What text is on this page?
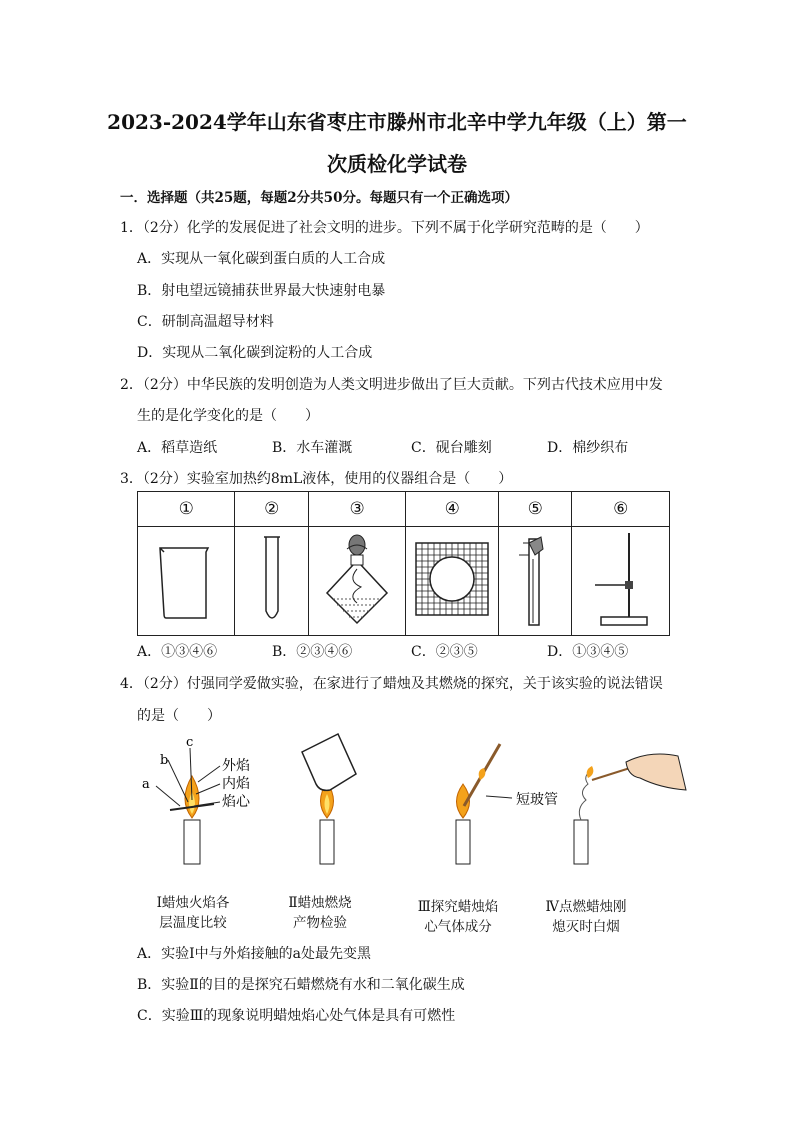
2023-2024学年山东省枣庄市滕州市北辛中学九年级（上）第一
次质检化学试卷
一．选择题（共25题，每题2分共50分。每题只有一个正确选项）
1．（2分）化学的发展促进了社会文明的进步。下列不属于化学研究范畴的是（　　）
A．实现从一氧化碳到蛋白质的人工合成
B．射电望远镜捕获世界最大快速射电暴
C．研制高温超导材料
D．实现从二氧化碳到淀粉的人工合成
2．（2分）中华民族的发明创造为人类文明进步做出了巨大贡献。下列古代技术应用中发
生的是化学变化的是（　　）
A．稻草造纸	B．水车灌溉	C．砚台雕刻	D．棉纱织布
3．（2分）实验室加热约8mL液体，使用的仪器组合是（　　）
①	②	③	④	⑤	⑥

A．①③④⑥	B．②③④⑥	C．②③⑤	D．①③④⑤
4．（2分）付强同学爱做实验，在家进行了蜡烛及其燃烧的探究，关于该实验的说法错误
的是（　　）
a
b
c
外焰
内焰
焰心	短玻管
Ⅰ蜡烛火焰各
层温度比较
Ⅱ蜡烛燃烧
产物检验
Ⅲ探究蜡烛焰
心气体成分
Ⅳ点燃蜡烛刚
熄灭时白烟
A．实验Ⅰ中与外焰接触的a处最先变黑
B．实验Ⅱ的目的是探究石蜡燃烧有水和二氧化碳生成
C．实验Ⅲ的现象说明蜡烛焰心处气体是具有可燃性
